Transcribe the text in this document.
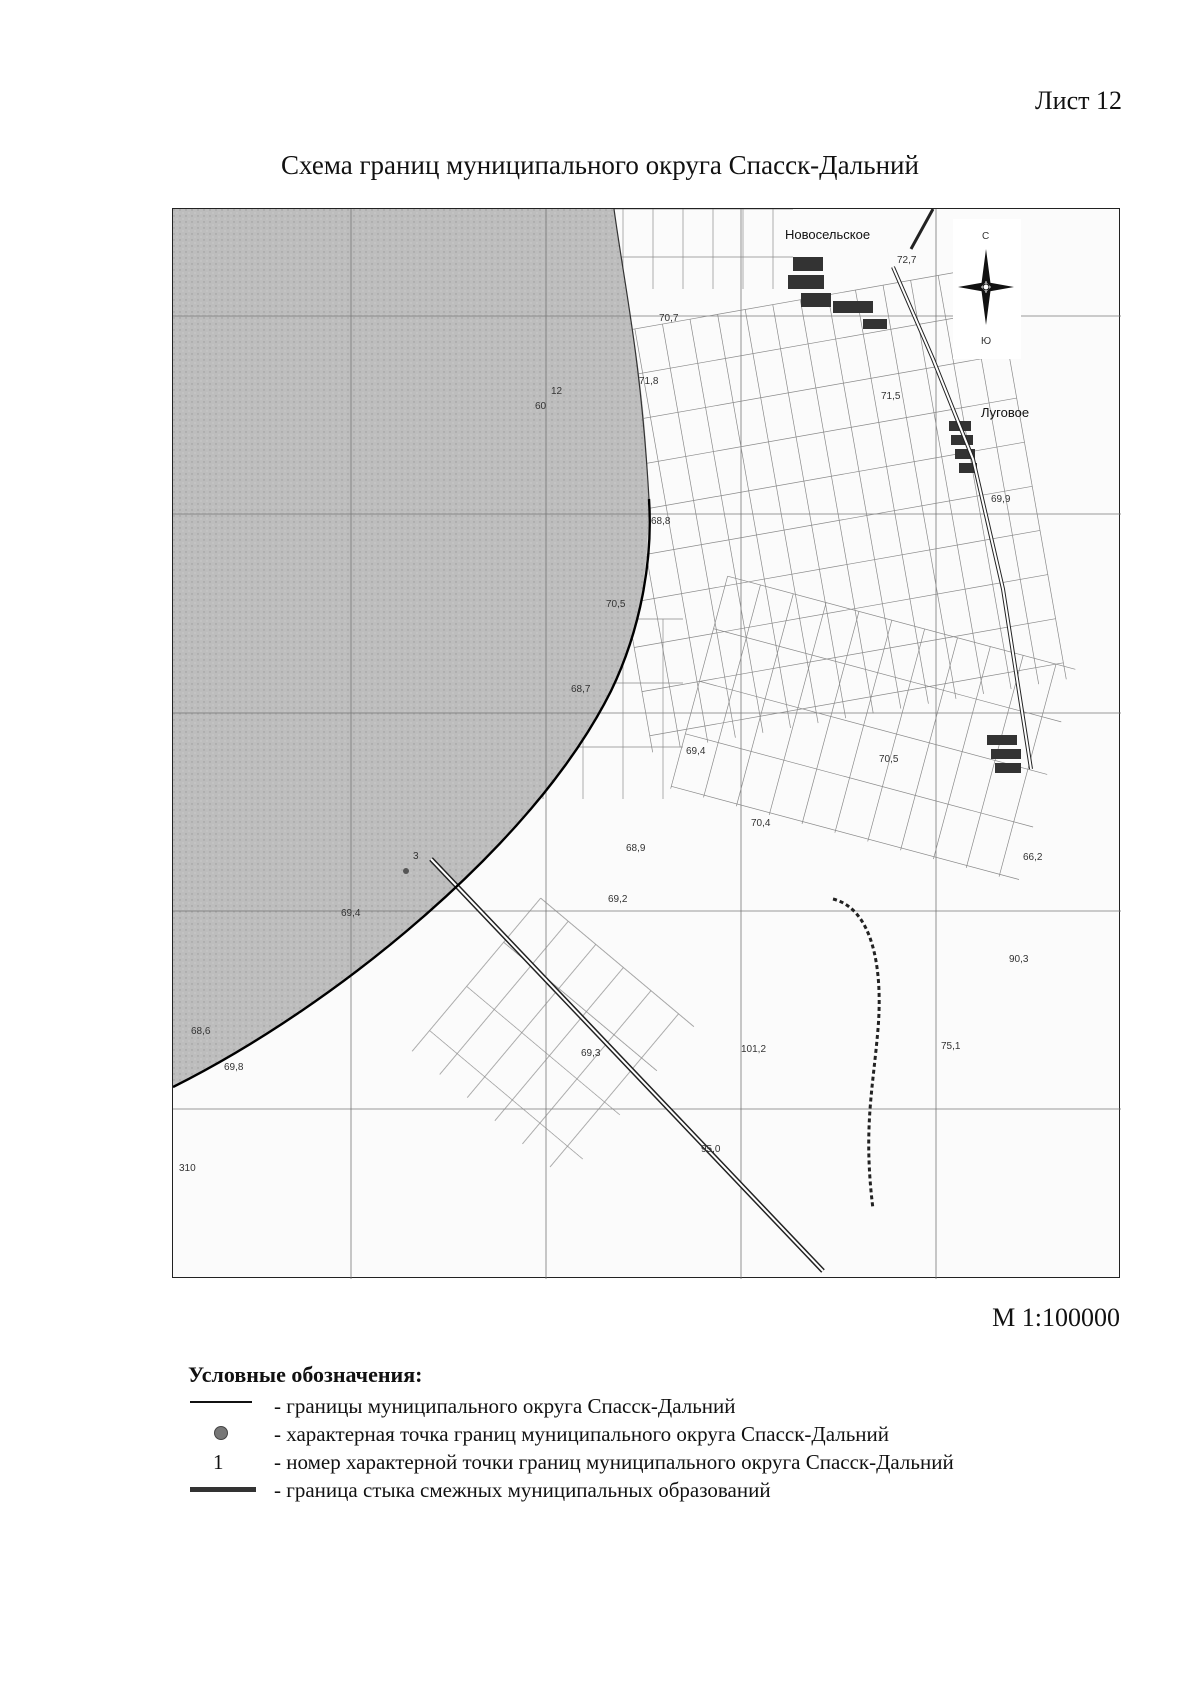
Лист 12
Схема границ муниципального округа Спасск-Дальний
3
С
Ю
Новосельское
Луговое
60
12
70,7
71,8
71,5
72,7
68,8
70,5
70,4
68,7
69,4
69,9
66,2
68,9
69,2
69,3
68,6
69,8
101,2
95,0
90,3
75,1
69,4
310
70,5
М 1:100000
Условные обозначения:
- границы муниципального округа Спасск-Дальний
- характерная точка границ муниципального округа Спасск-Дальний
1 - номер характерной точки границ муниципального округа Спасск-Дальний
- граница стыка смежных муниципальных образований
